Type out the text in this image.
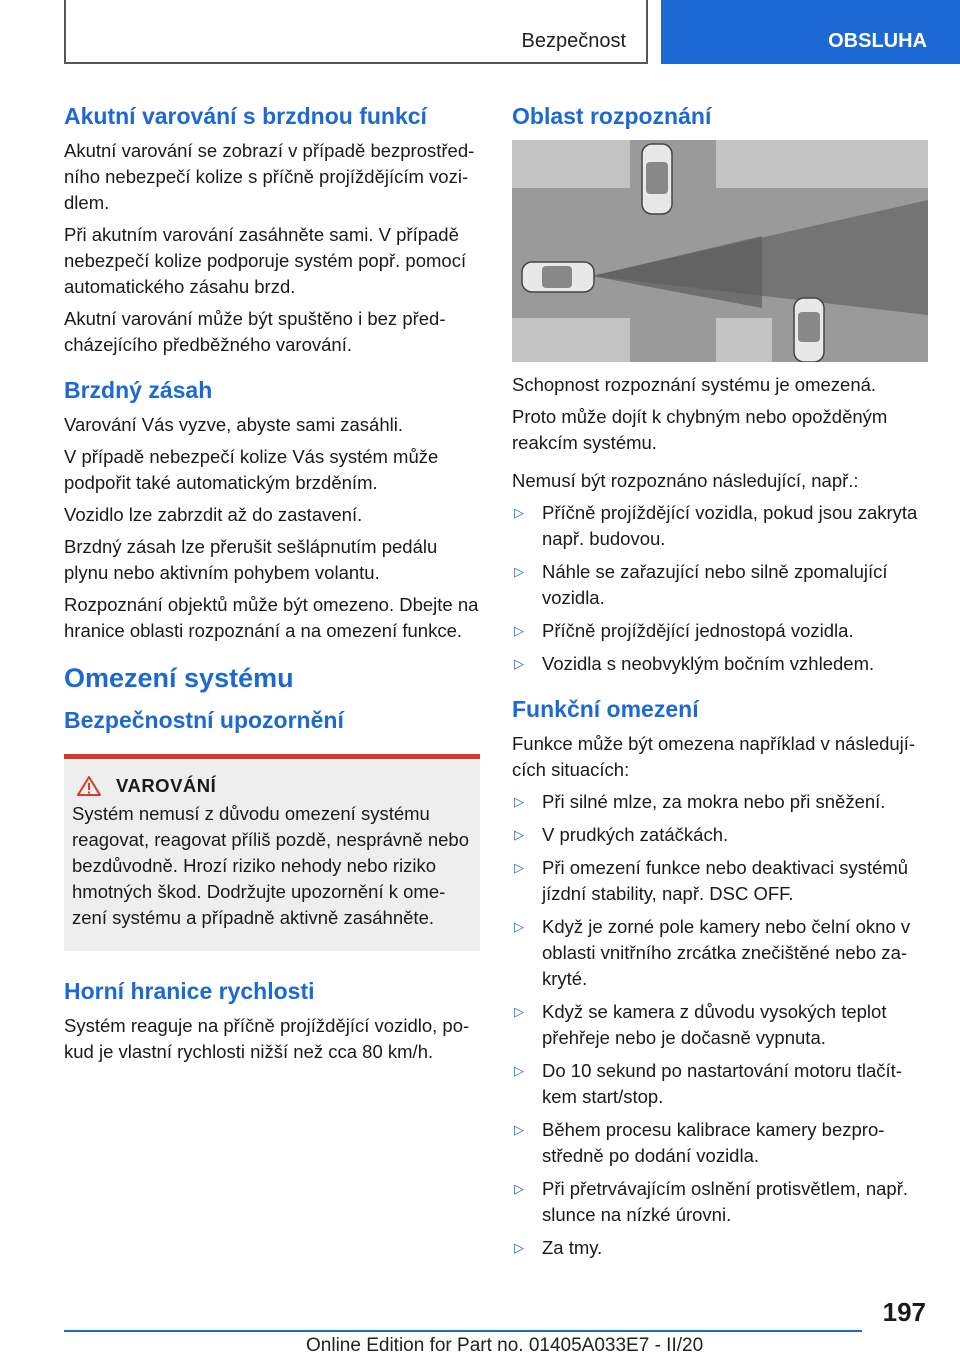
Bezpečnost	OBSLUHA
Akutní varování s brzdnou funkcí

Akutní varování se zobrazí v případě bezprostřed‐ního nebezpečí kolize s příčně projíždějícím vozi‐dlem.

Při akutním varování zasáhněte sami. V případě nebezpečí kolize podporuje systém popř. pomocí automatického zásahu brzd.

Akutní varování může být spuštěno i bez před‐cházejícího předběžného varování.

Brzdný zásah

Varování Vás vyzve, abyste sami zasáhli.

V případě nebezpečí kolize Vás systém může podpořit také automatickým brzděním.

Vozidlo lze zabrzdit až do zastavení.

Brzdný zásah lze přerušit sešlápnutím pedálu plynu nebo aktivním pohybem volantu.

Rozpoznání objektů může být omezeno. Dbejte na hranice oblasti rozpoznání a na omezení funkce.

Omezení systému
Bezpečnostní upozornění
VAROVÁNÍ

Systém nemusí z důvodu omezení systému reagovat, reagovat příliš pozdě, nesprávně nebo bezdůvodně. Hrozí riziko nehody nebo riziko hmotných škod. Dodržujte upozornění k ome‐zení systému a případně aktivně zasáhněte.

Horní hranice rychlosti

Systém reaguje na příčně projíždějící vozidlo, po‐kud je vlastní rychlosti nižší než cca 80 km/h.

Oblast rozpoznání

Schopnost rozpoznání systému je omezená.

Proto může dojít k chybným nebo opožděným reakcím systému.

Nemusí být rozpoznáno následující, např.:

▷ Příčně projíždějící vozidla, pokud jsou zakryta např. budovou.
▷ Náhle se zařazující nebo silně zpomalující vozidla.
▷ Příčně projíždějící jednostopá vozidla.
▷ Vozidla s neobvyklým bočním vzhledem.
Funkční omezení

Funkce může být omezena například v následují‐cích situacích:

▷ Při silné mlze, za mokra nebo při sněžení.
▷ V prudkých zatáčkách.
▷ Při omezení funkce nebo deaktivaci systémů jízdní stability, např. DSC OFF.
▷ Když je zorné pole kamery nebo čelní okno v oblasti vnitřního zrcátka znečištěné nebo za‐kryté.
▷ Když se kamera z důvodu vysokých teplot přehřeje nebo je dočasně vypnuta.
▷ Do 10 sekund po nastartování motoru tlačít‐kem start/stop.
▷ Během procesu kalibrace kamery bezpro‐středně po dodání vozidla.
▷ Při přetrvávajícím oslnění protisvětlem, např. slunce na nízké úrovni.
▷ Za tmy.
197
Online Edition for Part no. 01405A033E7 - II/20
